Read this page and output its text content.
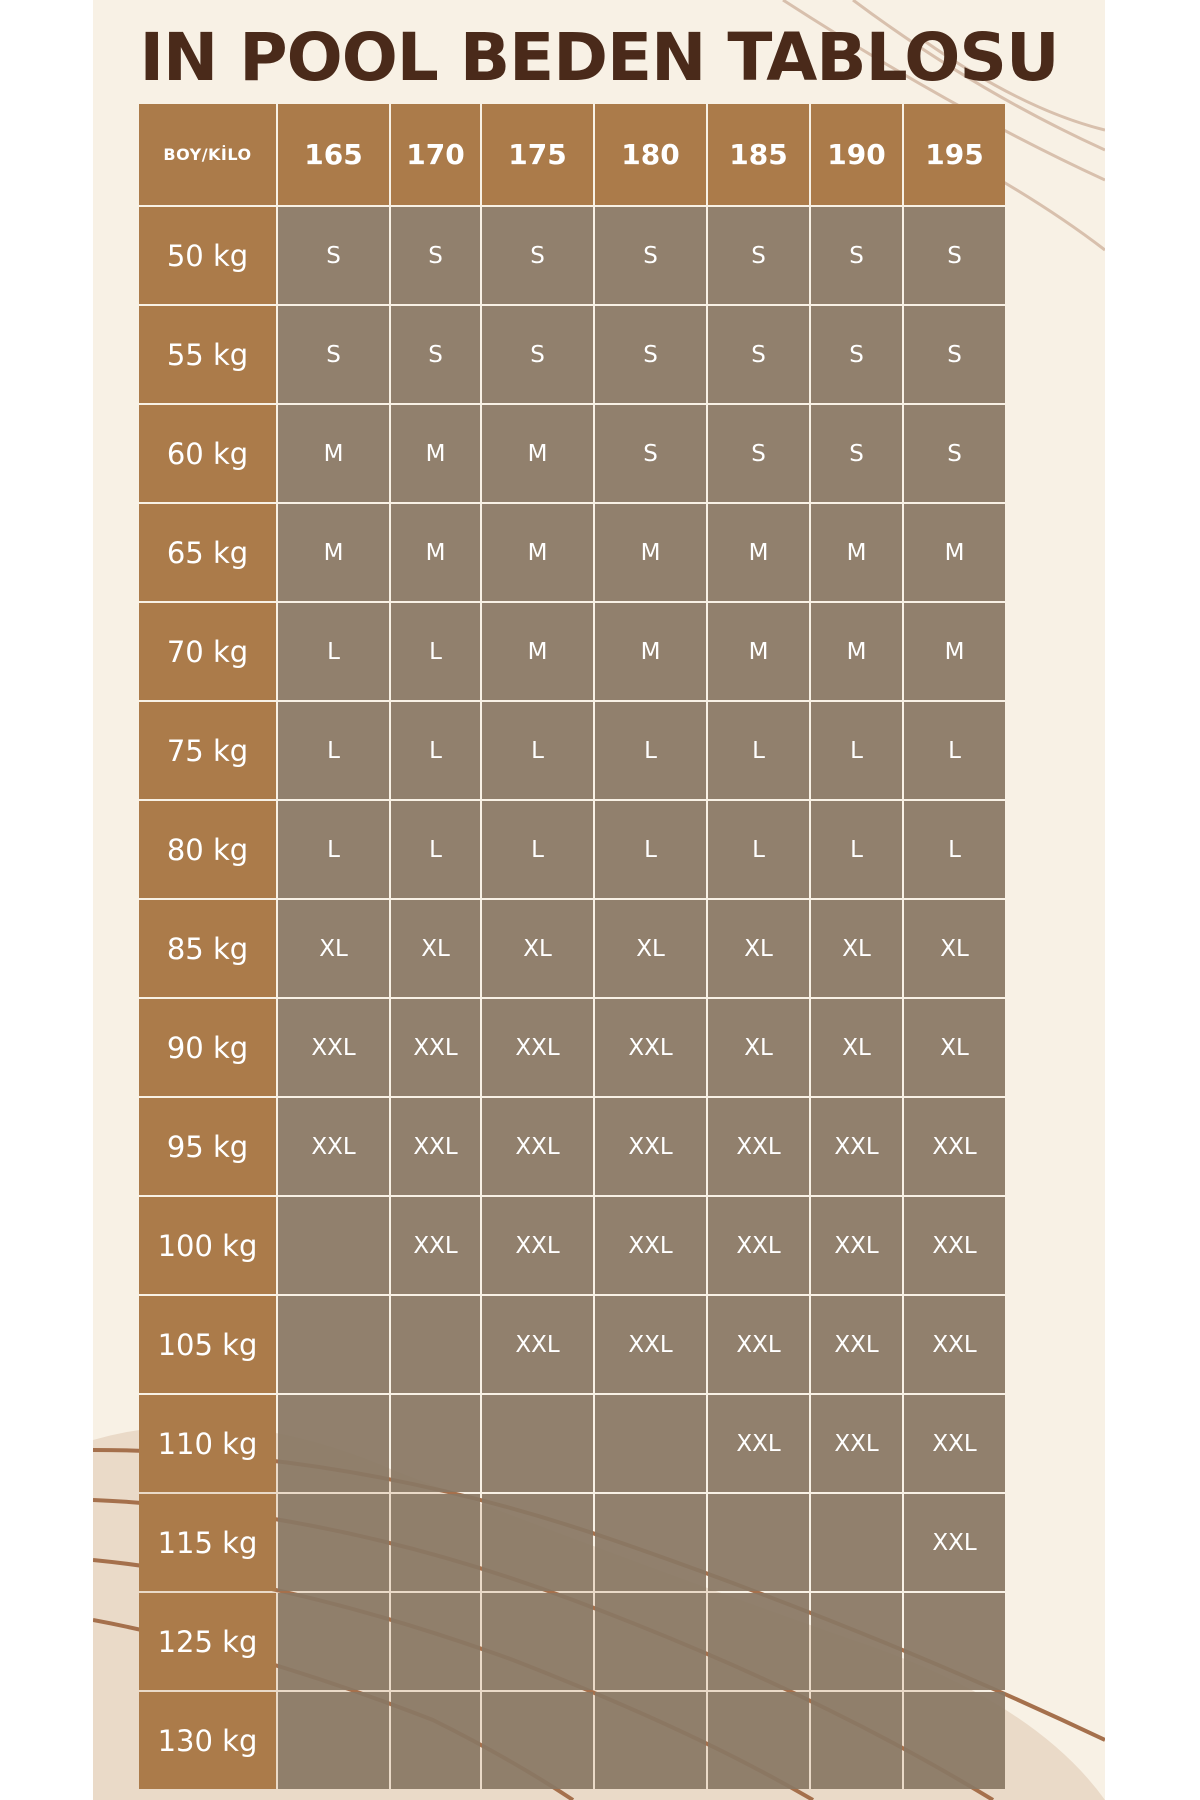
IN POOL BEDEN TABLOSU
BOY/KİLO	165	170	175	180	185	190	195
50 kg	S	S	S	S	S	S	S
55 kg	S	S	S	S	S	S	S
60 kg	M	M	M	S	S	S	S
65 kg	M	M	M	M	M	M	M
70 kg	L	L	M	M	M	M	M
75 kg	L	L	L	L	L	L	L
80 kg	L	L	L	L	L	L	L
85 kg	XL	XL	XL	XL	XL	XL	XL
90 kg	XXL	XXL	XXL	XXL	XL	XL	XL
95 kg	XXL	XXL	XXL	XXL	XXL	XXL	XXL
100 kg		XXL	XXL	XXL	XXL	XXL	XXL
105 kg			XXL	XXL	XXL	XXL	XXL
110 kg					XXL	XXL	XXL
115 kg							XXL
125 kg							
130 kg							
